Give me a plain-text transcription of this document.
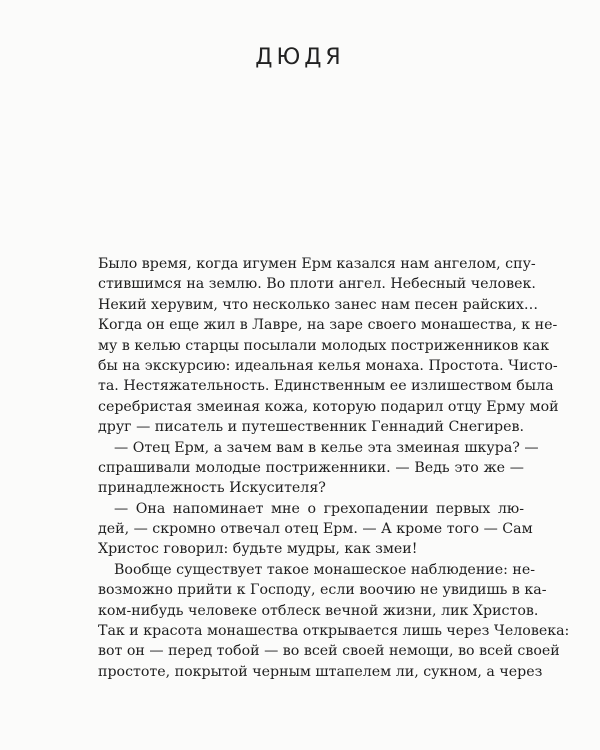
ДЮДЯ
Было время, когда игумен Ерм казался нам ангелом, спу-
стившимся на землю. Во плоти ангел. Небесный человек.
Некий херувим, что несколько занес нам песен райских…
Когда он еще жил в Лавре, на заре своего монашества, к не-
му в келью старцы посылали молодых постриженников как
бы на экскурсию: идеальная келья монаха. Простота. Чисто-
та. Нестяжательность. Единственным ее излишеством была
серебристая змеиная кожа, которую подарил отцу Ерму мой
друг — писатель и путешественник Геннадий Снегирев.
— Отец Ерм, а зачем вам в келье эта змеиная шкура? —
спрашивали молодые постриженники. — Ведь это же —
принадлежность Искусителя?
— Она напоминает мне о грехопадении первых лю-
дей, — скромно отвечал отец Ерм. — А кроме того — Сам
Христос говорил: будьте мудры, как змеи!
Вообще существует такое монашеское наблюдение: не-
возможно прийти к Господу, если воочию не увидишь в ка-
ком-нибудь человеке отблеск вечной жизни, лик Христов.
Так и красота монашества открывается лишь через Человека:
вот он — перед тобой — во всей своей немощи, во всей своей
простоте, покрытой черным штапелем ли, сукном, а через
